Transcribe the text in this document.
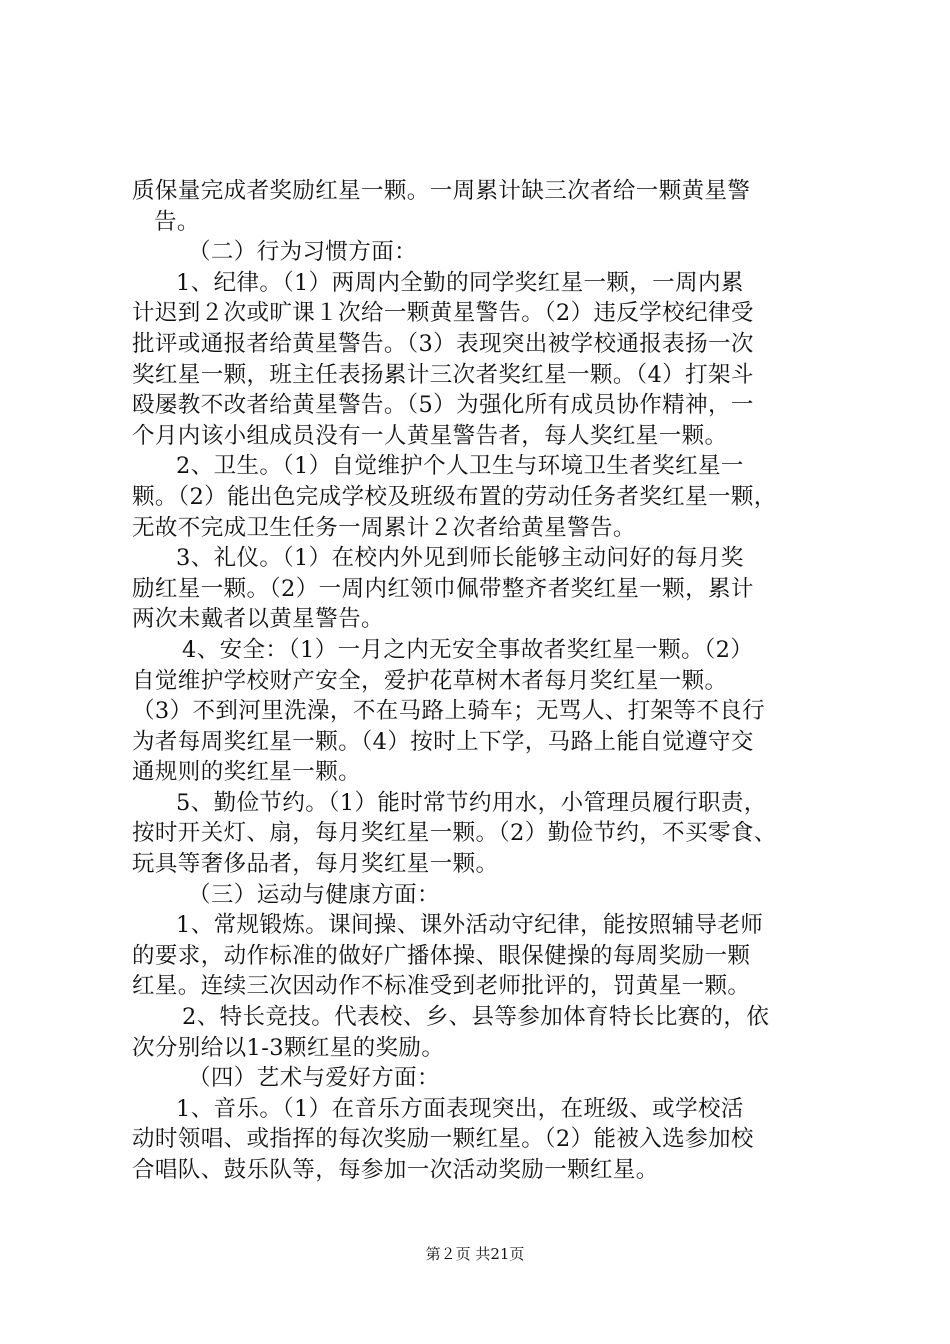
质保量完成者奖励红星一颗。一周累计缺三次者给一颗黄星警
告。
（二）行为习惯方面：
1、纪律。（1）两周内全勤的同学奖红星一颗，一周内累
计迟到２次或旷课１次给一颗黄星警告。（2）违反学校纪律受
批评或通报者给黄星警告。（3）表现突出被学校通报表扬一次
奖红星一颗，班主任表扬累计三次者奖红星一颗。（4）打架斗
殴屡教不改者给黄星警告。（5）为强化所有成员协作精神，一
个月内该小组成员没有一人黄星警告者，每人奖红星一颗。
2、卫生。（1）自觉维护个人卫生与环境卫生者奖红星一
颗。（2）能出色完成学校及班级布置的劳动任务者奖红星一颗，
无故不完成卫生任务一周累计２次者给黄星警告。
3、礼仪。（1）在校内外见到师长能够主动问好的每月奖
励红星一颗。（2）一周内红领巾佩带整齐者奖红星一颗，累计
两次未戴者以黄星警告。
4、安全：（1）一月之内无安全事故者奖红星一颗。（2）
自觉维护学校财产安全，爱护花草树木者每月奖红星一颗。
（3）不到河里洗澡，不在马路上骑车；无骂人、打架等不良行
为者每周奖红星一颗。（4）按时上下学，马路上能自觉遵守交
通规则的奖红星一颗。
5、勤俭节约。（1）能时常节约用水，小管理员履行职责，
按时开关灯、扇，每月奖红星一颗。（2）勤俭节约，不买零食、
玩具等奢侈品者，每月奖红星一颗。
（三）运动与健康方面：
1、常规锻炼。课间操、课外活动守纪律，能按照辅导老师
的要求，动作标准的做好广播体操、眼保健操的每周奖励一颗
红星。连续三次因动作不标准受到老师批评的，罚黄星一颗。
2、特长竞技。代表校、乡、县等参加体育特长比赛的，依
次分别给以1-3颗红星的奖励。
（四）艺术与爱好方面：
1、音乐。（1）在音乐方面表现突出，在班级、或学校活
动时领唱、或指挥的每次奖励一颗红星。（2）能被入选参加校
合唱队、鼓乐队等，每参加一次活动奖励一颗红星。
第２页 共21页
